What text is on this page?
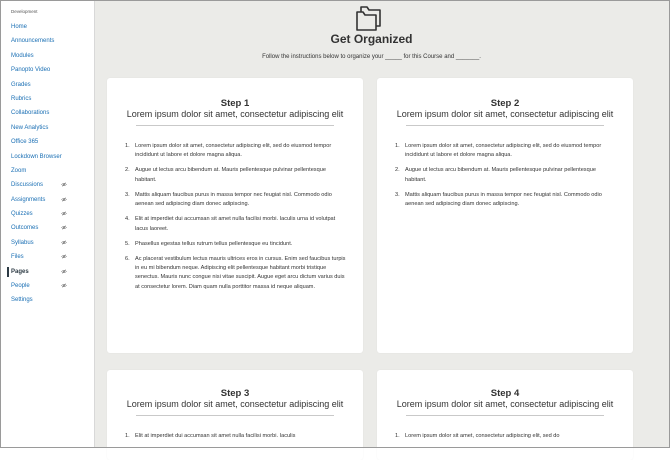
Development
Home
Announcements
Modules
Panopto Video
Grades
Rubrics
Collaborations
New Analytics
Office 365
Lockdown Browser
Zoom
Discussions
Assignments
Quizzes
Outcomes
Syllabus
Files
Pages
People
Settings
Get Organized
Follow the instructions below to organize your _____ for this Course and _______.
Step 1
Lorem ipsum dolor sit amet, consectetur adipiscing elit
1. Lorem ipsum dolor sit amet, consectetur adipiscing elit, sed do eiusmod tempor incididunt ut labore et dolore magna aliqua.
2. Augue ut lectus arcu bibendum at. Mauris pellentesque pulvinar pellentesque habitant.
3. Mattis aliquam faucibus purus in massa tempor nec feugiat nisl. Commodo odio aenean sed adipiscing diam donec adipiscing.
4. Elit at imperdiet dui accumsan sit amet nulla facilisi morbi. Iaculis urna id volutpat lacus laoreet.
5. Phasellus egestas tellus rutrum tellus pellentesque eu tincidunt.
6. Ac placerat vestibulum lectus mauris ultrices eros in cursus. Enim sed faucibus turpis in eu mi bibendum neque. Adipiscing elit pellentesque habitant morbi tristique senectus. Mauris nunc congue nisi vitae suscipit. Augue eget arcu dictum varius duis at consectetur lorem. Diam quam nulla porttitor massa id neque aliquam.
Step 2
Lorem ipsum dolor sit amet, consectetur adipiscing elit
1. Lorem ipsum dolor sit amet, consectetur adipiscing elit, sed do eiusmod tempor incididunt ut labore et dolore magna aliqua.
2. Augue ut lectus arcu bibendum at. Mauris pellentesque pulvinar pellentesque habitant.
3. Mattis aliquam faucibus purus in massa tempor nec feugiat nisl. Commodo odio aenean sed adipiscing diam donec adipiscing.
Step 3
Lorem ipsum dolor sit amet, consectetur adipiscing elit
1. Elit at imperdiet dui accumsan sit amet nulla facilisi morbi. Iaculis
Step 4
Lorem ipsum dolor sit amet, consectetur adipiscing elit
1. Lorem ipsum dolor sit amet, consectetur adipiscing elit, sed do
